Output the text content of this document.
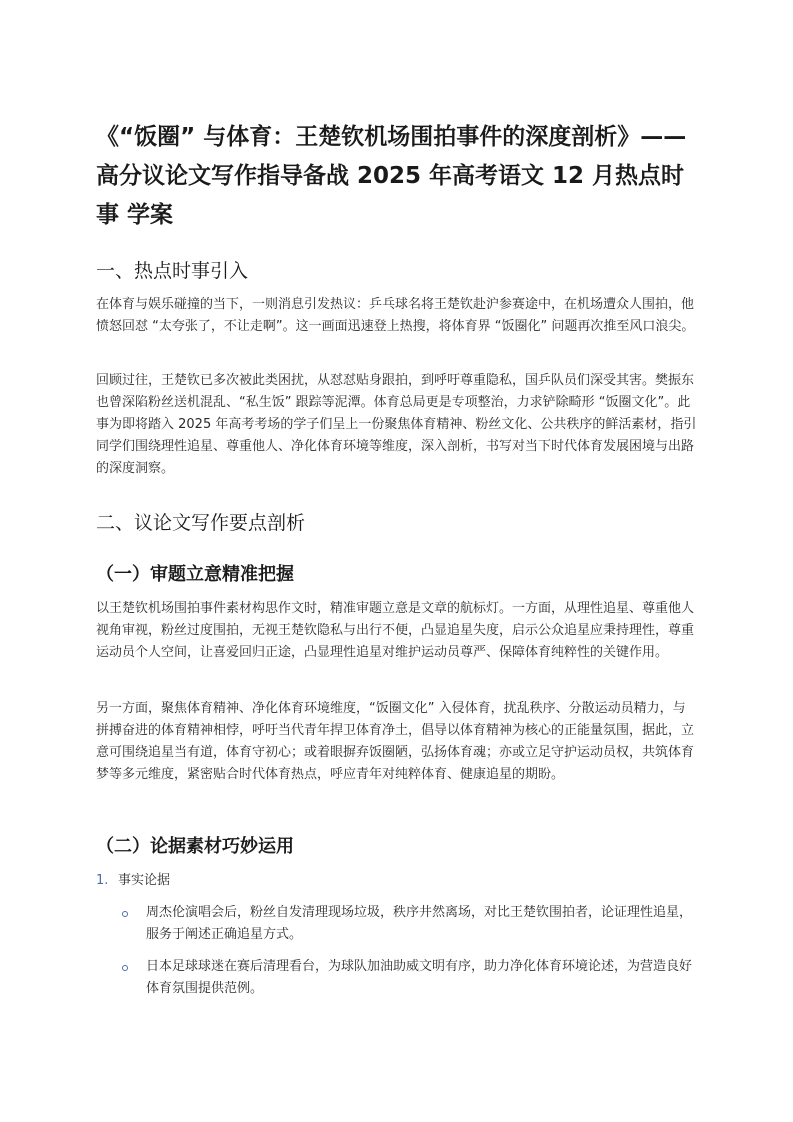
《“饭圈” 与体育：王楚钦机场围拍事件的深度剖析》—— 高分议论文写作指导备战 2025 年高考语文 12 月热点时事 学案
一、热点时事引入

在体育与娱乐碰撞的当下，一则消息引发热议：乒乓球名将王楚钦赴沪参赛途中，在机场遭众人围拍，他愤怒回怼 “太夸张了，不让走啊”。这一画面迅速登上热搜，将体育界 “饭圈化” 问题再次推至风口浪尖。

回顾过往，王楚钦已多次被此类困扰，从怼怼贴身跟拍，到呼吁尊重隐私，国乒队员们深受其害。樊振东也曾深陷粉丝送机混乱、“私生饭” 跟踪等泥潭。体育总局更是专项整治，力求铲除畸形 “饭圈文化”。此事为即将踏入 2025 年高考考场的学子们呈上一份聚焦体育精神、粉丝文化、公共秩序的鲜活素材，指引同学们围绕理性追星、尊重他人、净化体育环境等维度，深入剖析，书写对当下时代体育发展困境与出路的深度洞察。

二、议论文写作要点剖析
（一）审题立意精准把握

以王楚钦机场围拍事件素材构思作文时，精准审题立意是文章的航标灯。一方面，从理性追星、尊重他人视角审视，粉丝过度围拍，无视王楚钦隐私与出行不便，凸显追星失度，启示公众追星应秉持理性，尊重运动员个人空间，让喜爱回归正途，凸显理性追星对维护运动员尊严、保障体育纯粹性的关键作用。

另一方面，聚焦体育精神、净化体育环境维度，“饭圈文化” 入侵体育，扰乱秩序、分散运动员精力，与拼搏奋进的体育精神相悖，呼吁当代青年捍卫体育净土，倡导以体育精神为核心的正能量氛围，据此，立意可围绕追星当有道，体育守初心；或着眼摒弃饭圈陋，弘扬体育魂；亦或立足守护运动员权，共筑体育梦等多元维度，紧密贴合时代体育热点，呼应青年对纯粹体育、健康追星的期盼。

（二）论据素材巧妙运用
1. 事实论据
周杰伦演唱会后，粉丝自发清理现场垃圾，秩序井然离场，对比王楚钦围拍者，论证理性追星，服务于阐述正确追星方式。
日本足球球迷在赛后清理看台，为球队加油助威文明有序，助力净化体育环境论述，为营造良好体育氛围提供范例。
